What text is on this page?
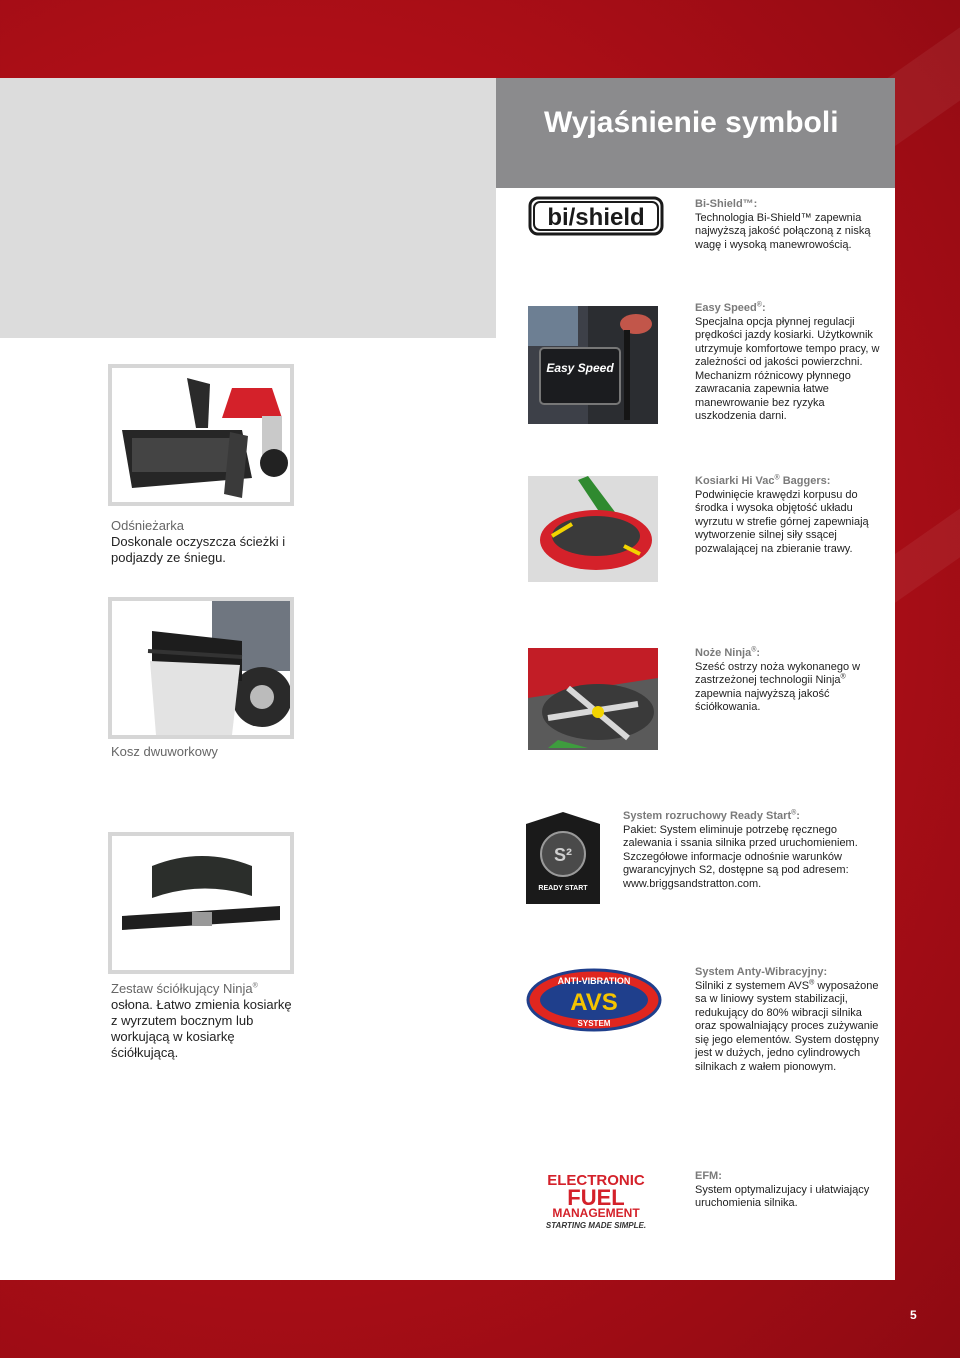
Wyjaśnienie symboli
bi/shield	Bi-Shield™:

Technologia Bi-Shield™ zapewnia najwyższą jakość połączoną z niską wagę i wysoką manewrowością.

Easy Speed
Easy Speed®:

Specjalna opcja płynnej regulacji prędkości jazdy kosiarki. Użytkownik utrzymuje komfortowe tempo pracy, w zależności od jakości powierzchni. Mechanizm różnicowy płynnego zawracania zapewnia łatwe manewrowanie bez ryzyka uszkodzenia darni.

Kosiarki Hi Vac® Baggers:

Podwinięcie krawędzi korpusu do środka i wysoka objętość układu wyrzutu w strefie górnej zapewniają wytworzenie silnej siły ssącej pozwalającej na zbieranie trawy.

Noże Ninja®:

Sześć ostrzy noża wykonanego w zastrzeżonej technologii Ninja® zapewnia najwyższą jakość ściółkowania.

S²
READY START
System rozruchowy Ready Start®:

Pakiet: System eliminuje potrzebę ręcznego zalewania i ssania silnika przed uruchomieniem. Szczegółowe informacje odnośnie warunków gwarancyjnych S2, dostępne są pod adresem: www.briggsandstratton.com.

ANTI-VIBRATION
AVS
SYSTEM
System Anty-Wibracyjny:

Silniki z systemem AVS® wyposażone sa w liniowy system stabilizacji, redukujący do 80% wibracji silnika oraz spowalniający proces zużywanie się jego elementów. System dostępny jest w dużych, jedno cylindrowych silnikach z wałem pionowym.

ELECTRONIC
FUEL
MANAGEMENT
STARTING MADE SIMPLE.
EFM:

System optymalizujacy i ułatwiający uruchomienia silnika.

Odśnieżarka
Doskonale oczyszcza ścieżki i podjazdy ze śniegu.
Kosz dwuworkowy
Zestaw ściółkujący Ninja®
osłona. Łatwo zmienia kosiarkę z wyrzutem bocznym lub workującą w kosiarkę ściółkującą.
5
